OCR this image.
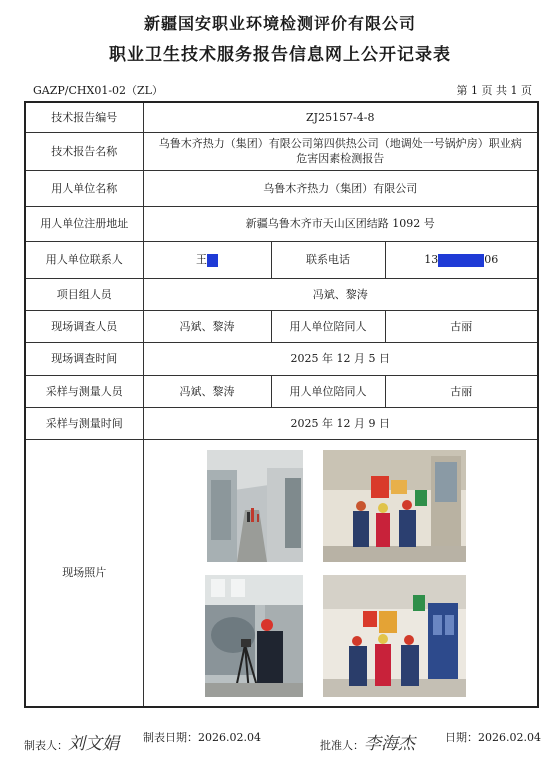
新疆国安职业环境检测评价有限公司
职业卫生技术服务报告信息网上公开记录表
GAZP/CHX01-02（ZL）	第 1 页 共 1 页
技术报告编号	ZJ25157-4-8		
技术报告名称	乌鲁木齐热力（集团）有限公司第四供热公司（地调处一号锅炉房）职业病危害因素检测报告		
用人单位名称	乌鲁木齐热力（集团）有限公司		
用人单位注册地址	新疆乌鲁木齐市天山区团结路 1092 号		
用人单位联系人	王	联系电话	13 06
项目组人员	冯斌、黎涛		
现场调查人员	冯斌、黎涛	用人单位陪同人	古丽
现场调查时间	2025 年 12 月 5 日		
采样与测量人员	冯斌、黎涛	用人单位陪同人	古丽
采样与测量时间	2025 年 12 月 9 日		
现场照片	
制表人：刘文娟 制表日期：2026.02.04
批准人：李海杰	日期：2026.02.04
